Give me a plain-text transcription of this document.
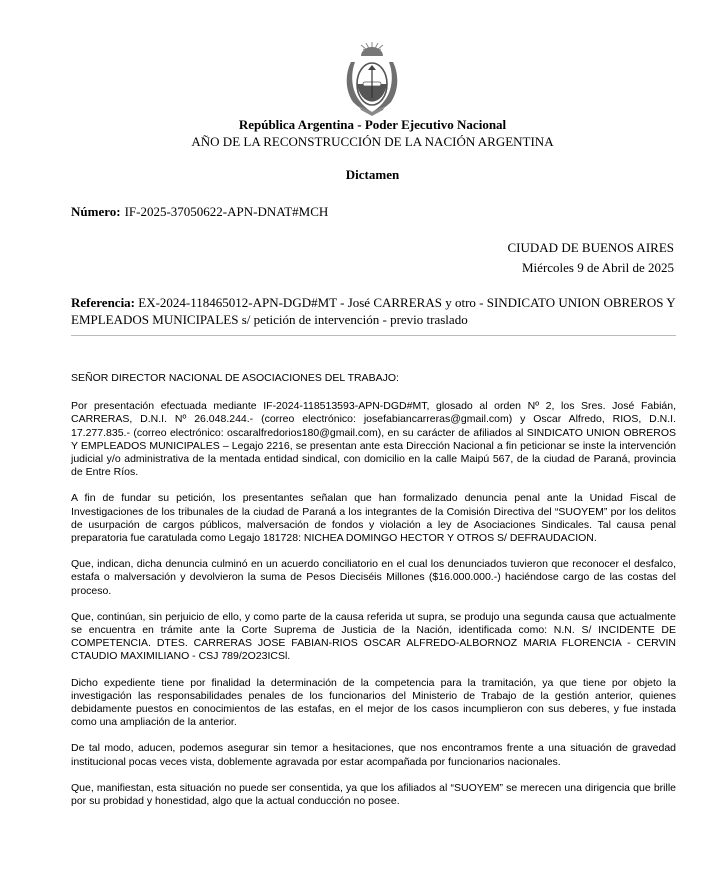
República Argentina - Poder Ejecutivo Nacional
AÑO DE LA RECONSTRUCCIÓN DE LA NACIÓN ARGENTINA
Dictamen
Número: IF-2025-37050622-APN-DNAT#MCH
CIUDAD DE BUENOS AIRES
Miércoles 9 de Abril de 2025
Referencia: EX-2024-118465012-APN-DGD#MT - José CARRERAS y otro - SINDICATO UNION OBREROS Y EMPLEADOS MUNICIPALES s/ petición de intervención - previo traslado

SEÑOR DIRECTOR NACIONAL DE ASOCIACIONES DEL TRABAJO:

Por presentación efectuada mediante IF-2024-118513593-APN-DGD#MT, glosado al orden Nº 2, los Sres. José Fabián, CARRERAS, D.N.I. Nº 26.048.244.- (correo electrónico: josefabiancarreras@gmail.com) y Oscar Alfredo, RIOS, D.N.I. 17.277.835.- (correo electrónico: oscaralfredorios180@gmail.com), en su carácter de afiliados al SINDICATO UNION OBREROS Y EMPLEADOS MUNICIPALES – Legajo 2216, se presentan ante esta Dirección Nacional a fin peticionar se inste la intervención judicial y/o administrativa de la mentada entidad sindical, con domicilio en la calle Maipú 567, de la ciudad de Paraná, provincia de Entre Ríos.

A fin de fundar su petición, los presentantes señalan que han formalizado denuncia penal ante la Unidad Fiscal de Investigaciones de los tribunales de la ciudad de Paraná a los integrantes de la Comisión Directiva del “SUOYEM” por los delitos de usurpación de cargos públicos, malversación de fondos y violación a ley de Asociaciones Sindicales. Tal causa penal preparatoria fue caratulada como Legajo 181728: NICHEA DOMINGO HECTOR Y OTROS S/ DEFRAUDACION.

Que, indican, dicha denuncia culminó en un acuerdo conciliatorio en el cual los denunciados tuvieron que reconocer el desfalco, estafa o malversación y devolvieron la suma de Pesos Dieciséis Millones ($16.000.000.-) haciéndose cargo de las costas del proceso.

Que, continúan, sin perjuicio de ello, y como parte de la causa referida ut supra, se produjo una segunda causa que actualmente se encuentra en trámite ante la Corte Suprema de Justicia de la Nación, identificada como: N.N. S/ INCIDENTE DE COMPETENCIA. DTES. CARRERAS JOSE FABIAN-RIOS OSCAR ALFREDO-ALBORNOZ MARIA FLORENCIA - CERVIN CTAUDIO MAXIMILIANO - CSJ 789/2O23ICSl.

Dicho expediente tiene por finalidad la determinación de la competencia para la tramitación, ya que tiene por objeto la investigación las responsabilidades penales de los funcionarios del Ministerio de Trabajo de la gestión anterior, quienes debidamente puestos en conocimientos de las estafas, en el mejor de los casos incumplieron con sus deberes, y fue instada como una ampliación de la anterior.

De tal modo, aducen, podemos asegurar sin temor a hesitaciones, que nos encontramos frente a una situación de gravedad institucional pocas veces vista, doblemente agravada por estar acompañada por funcionarios nacionales.

Que, manifiestan, esta situación no puede ser consentida, ya que los afiliados al “SUOYEM” se merecen una dirigencia que brille por su probidad y honestidad, algo que la actual conducción no posee.
